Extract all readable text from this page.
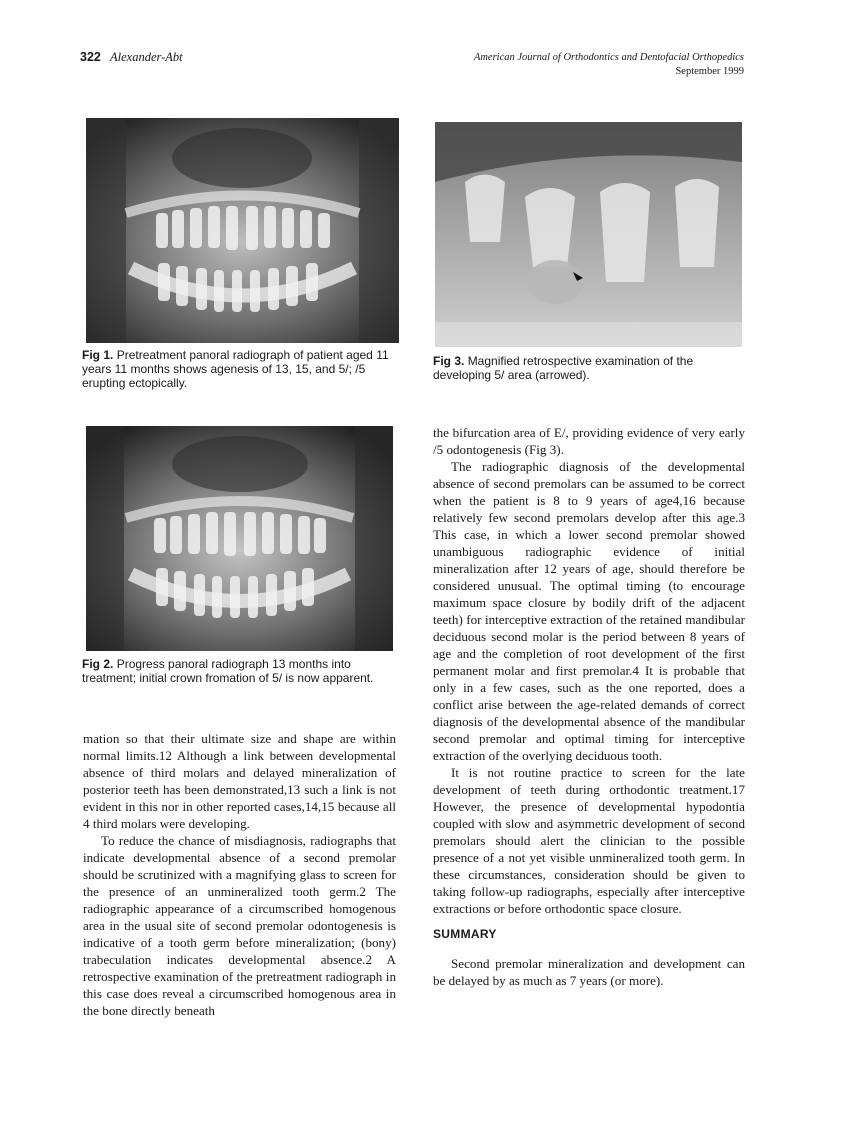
322 Alexander-Abt	American Journal of Orthodontics and Dentofacial Orthopedics
September 1999
Fig 1. Pretreatment panoral radiograph of patient aged 11 years 11 months shows agenesis of 13, 15, and 5/; /5 erupting ectopically.
Fig 3. Magnified retrospective examination of the developing 5/ area (arrowed).
Fig 2. Progress panoral radiograph 13 months into treatment; initial crown fromation of 5/ is now apparent.

mation so that their ultimate size and shape are within normal limits.12 Although a link between developmental absence of third molars and delayed mineralization of posterior teeth has been demonstrated,13 such a link is not evident in this nor in other reported cases,14,15 because all 4 third molars were developing.

To reduce the chance of misdiagnosis, radiographs that indicate developmental absence of a second premolar should be scrutinized with a magnifying glass to screen for the presence of an unmineralized tooth germ.2 The radiographic appearance of a circumscribed homogenous area in the usual site of second premolar odontogenesis is indicative of a tooth germ before mineralization; (bony) trabeculation indicates developmental absence.2 A retrospective examination of the pretreatment radiograph in this case does reveal a circumscribed homogenous area in the bone directly beneath

the bifurcation area of E/, providing evidence of very early /5 odontogenesis (Fig 3).

The radiographic diagnosis of the developmental absence of second premolars can be assumed to be correct when the patient is 8 to 9 years of age4,16 because relatively few second premolars develop after this age.3 This case, in which a lower second premolar showed unambiguous radiographic evidence of initial mineralization after 12 years of age, should therefore be considered unusual. The optimal timing (to encourage maximum space closure by bodily drift of the adjacent teeth) for interceptive extraction of the retained mandibular deciduous second molar is the period between 8 years of age and the completion of root development of the first permanent molar and first premolar.4 It is probable that only in a few cases, such as the one reported, does a conflict arise between the age-related demands of correct diagnosis of the developmental absence of the mandibular second premolar and optimal timing for interceptive extraction of the overlying deciduous tooth.

It is not routine practice to screen for the late development of teeth during orthodontic treatment.17 However, the presence of developmental hypodontia coupled with slow and asymmetric development of second premolars should alert the clinician to the possible presence of a not yet visible unmineralized tooth germ. In these circumstances, consideration should be given to taking follow-up radiographs, especially after interceptive extractions or before orthodontic space closure.

SUMMARY

Second premolar mineralization and development can be delayed by as much as 7 years (or more).
